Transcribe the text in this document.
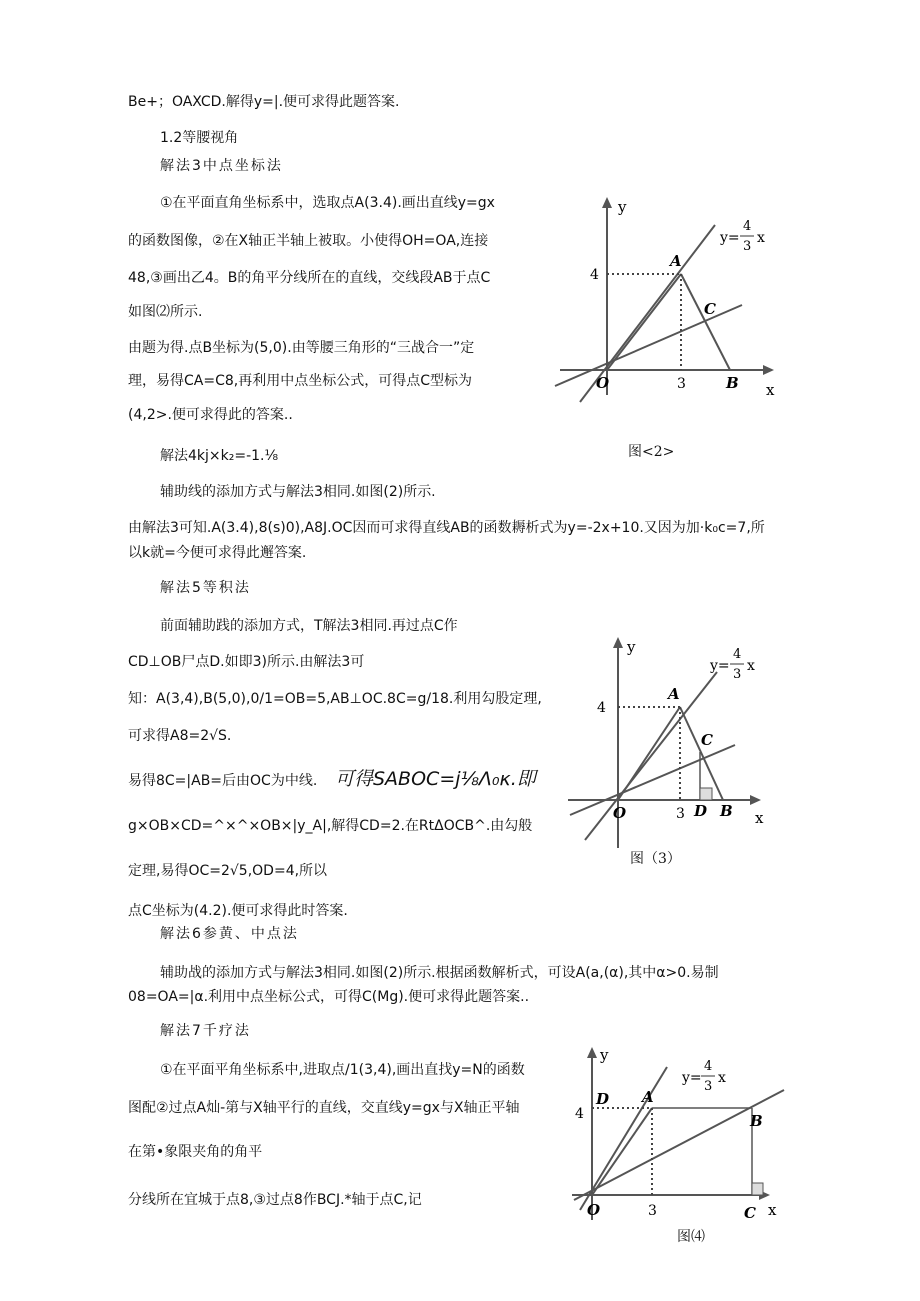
Be+；OAXCD.解得y=|.便可求得此题答案.
1.2等腰视角
解法3中点坐标法
①在平面直角坐标系中，选取点A(3.4).画出直线y=gx
的函数图像，②在X轴正半轴上被取。小使得OH=OA,连接
48,③画出乙4。B的角平分线所在的直线，交线段AB于点C
如图⑵所示.
由题为得.点B坐标为(5,0).由等腰三角形的“三战合一”定
理，易得CA=C8,再利用中点坐标公式，可得点C型标为
(4,2>.便可求得此的答案..
解法4kj×k₂=-1.⅛
辅助线的添加方式与解法3相同.如图(2)所示.
由解法3可知.A(3.4),8(s)0),A8J.OC因而可求得直线AB的函数耨析式为y=-2x+10.又因为加·k₀c=7,所
以k就=今便可求得此邂答案.
解法5等积法
前面辅助践的添加方式，T解法3相同.再过点C作
CD⊥OB尸点D.如即3)所示.由解法3可
知：A(3,4),B(5,0),0/1=OB=5,AB⊥OC.8C=g/18.利用勾股定理,
可求得A8=2√S.
易得8C=|AB=后由OC为中线. 可得SABOC=j⅛Λ₀κ.即
g×OB×CD=^×^×OB×|y_A|,解得CD=2.在RtΔOCB^.由勾般
定理,易得OC=2√5,OD=4,所以
点C坐标为(4.2).便可求得此时答案.
解法6参黄、中点法
辅助战的添加方式与解法3相同.如图(2)所示.根据函数解析式，可设A(a,(α),其中α>0.易制
08=OA=|α.利用中点坐标公式，可得C(Mg).便可求得此题答案..
解法7千疗法
①在平面平角坐标系中,进取点/1(3,4),画出直找y=N的函数
图配②过点A灿-第与X轴平行的直线，交直线y=gx与X轴正平轴
在第•象限夹角的角平
分线所在宜城于点8,③过点8作BCJ.*轴于点C,记
y
x
O
4
3
A
B
C
y=
4
3
x
图<2>
y
x
O
4
3
A
B
C
D
y=
4
3
x
图（3）
y
x
O
4
3
D A
B
C
y=
4
3
x
图⑷
